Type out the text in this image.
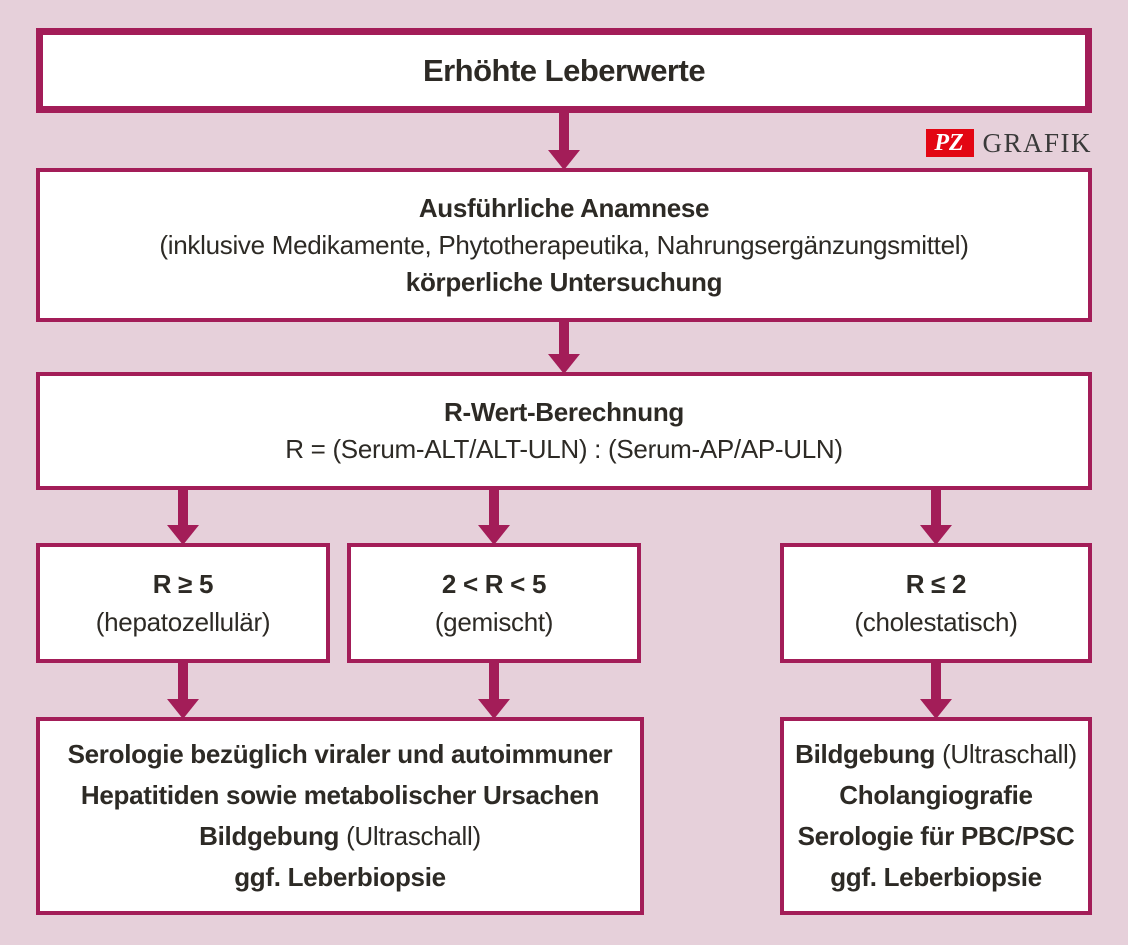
Erhöhte Leberwerte
PZ GRAFIK
Ausführliche Anamnese
(inklusive Medikamente, Phytotherapeutika, Nahrungsergänzungsmittel)
körperliche Untersuchung
R-Wert-Berechnung
R = (Serum-ALT/ALT-ULN) : (Serum-AP/AP-ULN)
R ≥ 5
(hepatozellulär)
2 < R < 5
(gemischt)
R ≤ 2
(cholestatisch)
Serologie bezüglich viraler und autoimmuner
Hepatitiden sowie metabolischer Ursachen
Bildgebung (Ultraschall)
ggf. Leberbiopsie
Bildgebung (Ultraschall)
Cholangiografie
Serologie für PBC/PSC
ggf. Leberbiopsie
